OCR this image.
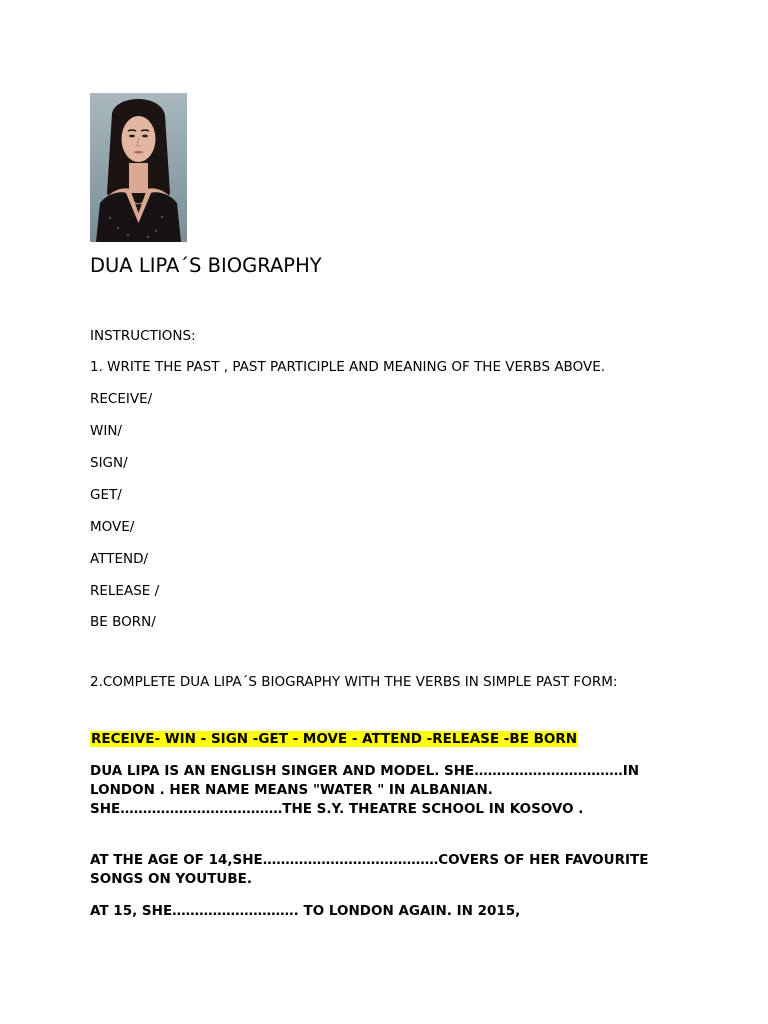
DUA LIPA´S BIOGRAPHY
INSTRUCTIONS:
1. WRITE THE PAST , PAST PARTICIPLE AND MEANING OF THE VERBS ABOVE.
RECEIVE/
WIN/
SIGN/
GET/
MOVE/
ATTEND/
RELEASE /
BE BORN/
2.COMPLETE DUA LIPA´S BIOGRAPHY WITH THE VERBS IN SIMPLE PAST FORM:
RECEIVE- WIN - SIGN -GET - MOVE - ATTEND -RELEASE -BE BORN
DUA LIPA IS AN ENGLISH SINGER AND MODEL. SHE……………………………IN LONDON . HER NAME MEANS "WATER " IN ALBANIAN. SHE………………………………THE S.Y. THEATRE SCHOOL IN KOSOVO .
AT THE AGE OF 14,SHE…………………………………COVERS OF HER FAVOURITE SONGS ON YOUTUBE.
AT 15, SHE………………………. TO LONDON AGAIN. IN 2015,
